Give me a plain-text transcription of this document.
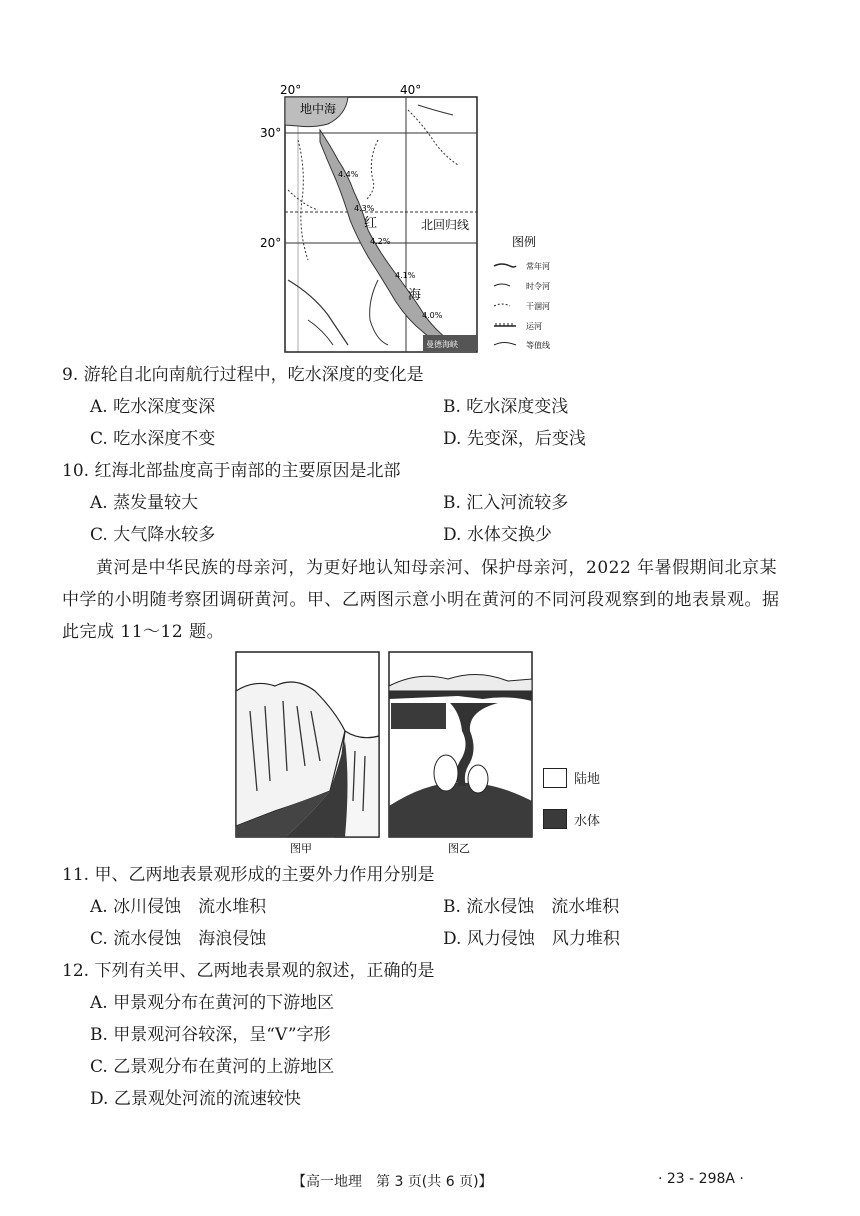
20°	40°
30°
20°
地中海
红
海
北回归线
曼德海峡
4.4%
4.3%
4.2%
4.1%
4.0%
图例
常年河
时令河
干涸河
运河
等值线
9. 游轮自北向南航行过程中，吃水深度的变化是
A. 吃水深度变深	B. 吃水深度变浅
C. 吃水深度不变	D. 先变深，后变浅
10. 红海北部盐度高于南部的主要原因是北部
A. 蒸发量较大	B. 汇入河流较多
C. 大气降水较多	D. 水体交换少
黄河是中华民族的母亲河，为更好地认知母亲河、保护母亲河，2022 年暑假期间北京某中学的小明随考察团调研黄河。甲、乙两图示意小明在黄河的不同河段观察到的地表景观。据此完成 11～12 题。
图甲	图乙
陆地
水体
11. 甲、乙两地表景观形成的主要外力作用分别是
A. 冰川侵蚀　流水堆积	B. 流水侵蚀　流水堆积
C. 流水侵蚀　海浪侵蚀	D. 风力侵蚀　风力堆积
12. 下列有关甲、乙两地表景观的叙述，正确的是
A. 甲景观分布在黄河的下游地区
B. 甲景观河谷较深，呈“V”字形
C. 乙景观分布在黄河的上游地区
D. 乙景观处河流的流速较快
【高一地理　第 3 页(共 6 页)】	· 23 - 298A ·
